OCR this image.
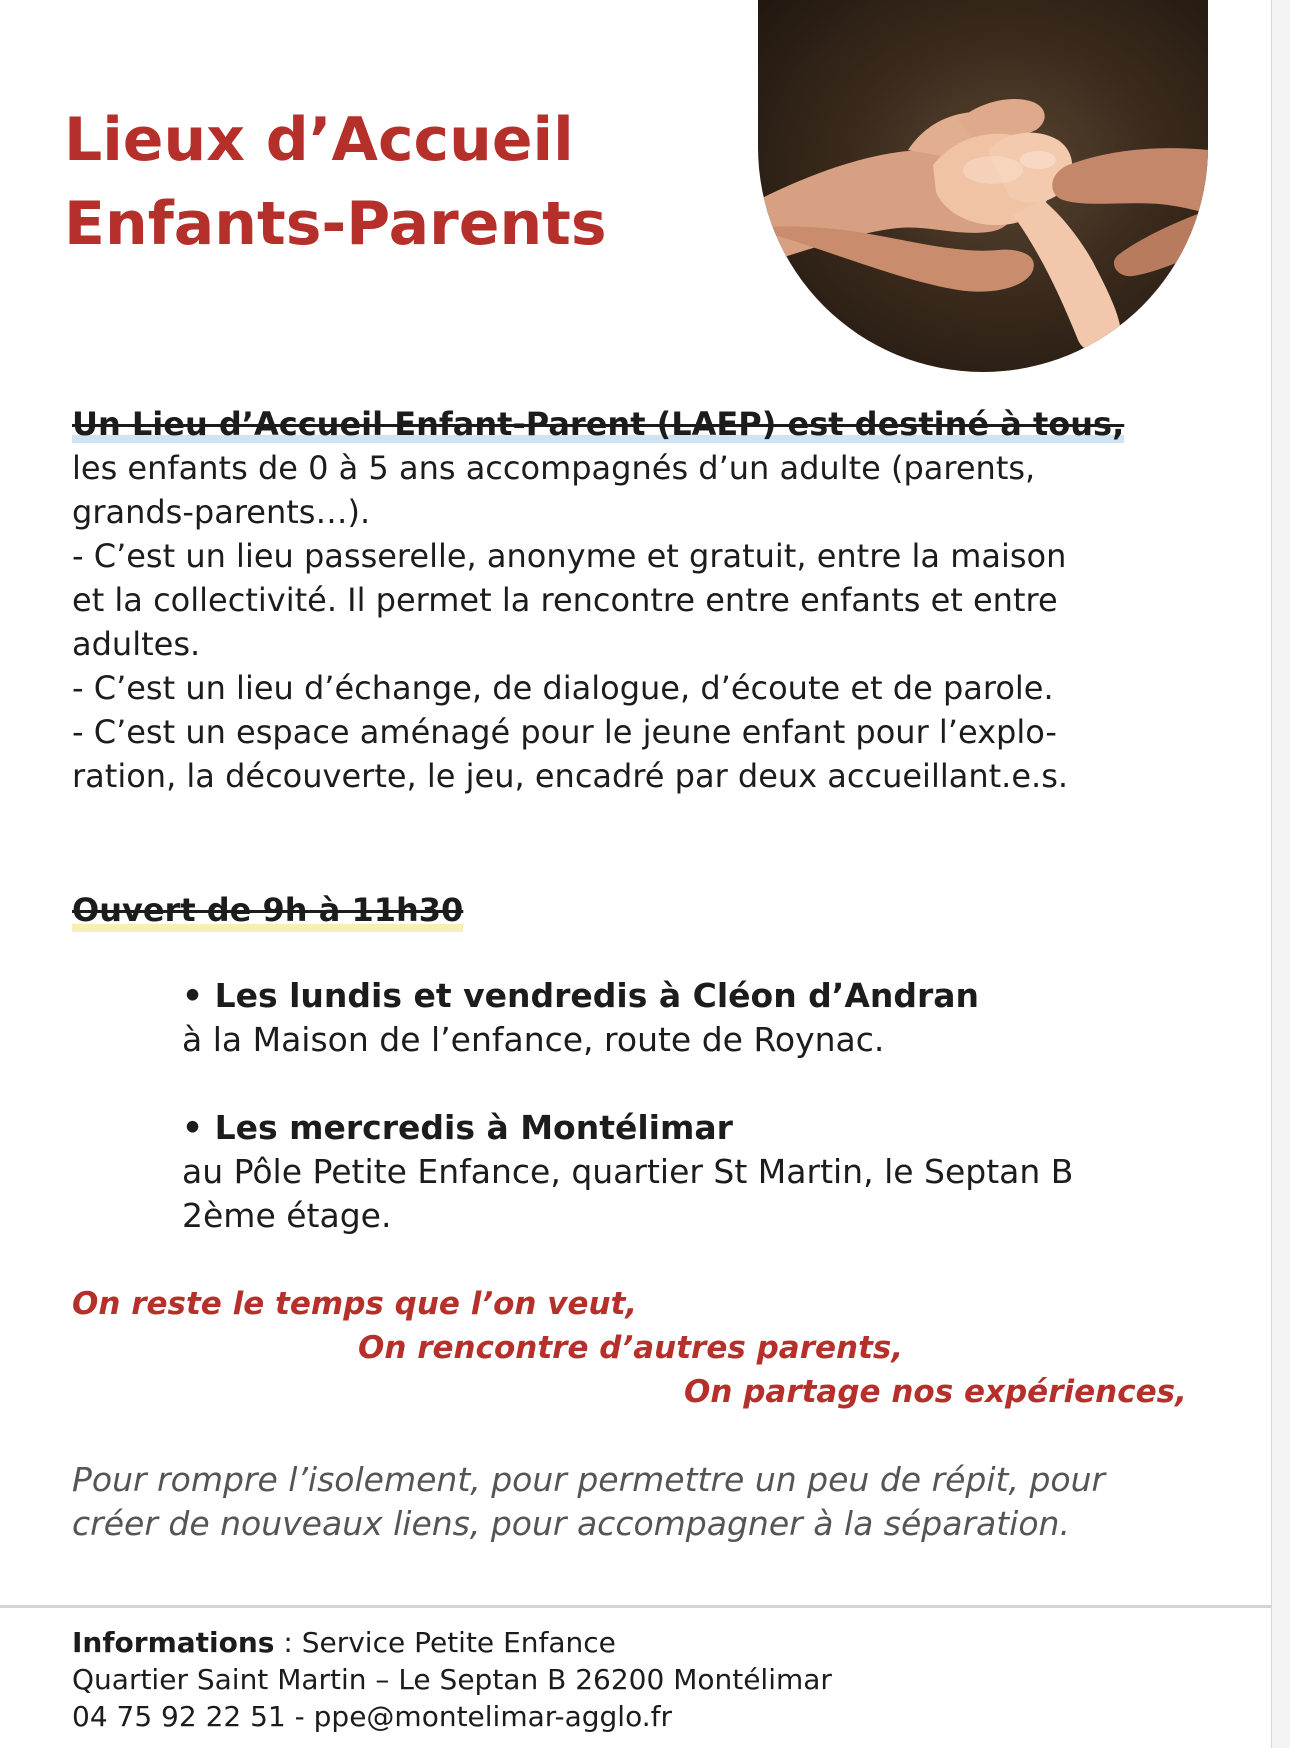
Lieux d’Accueil
Enfants-Parents

Un Lieu d’Accueil Enfant-Parent (LAEP) est destiné à tous,

les enfants de 0 à 5 ans accompagnés d’un adulte (parents,

grands-parents…).

- C’est un lieu passerelle, anonyme et gratuit, entre la maison

et la collectivité. Il permet la rencontre entre enfants et entre

adultes.

- C’est un lieu d’échange, de dialogue, d’écoute et de parole.

- C’est un espace aménagé pour le jeune enfant pour l’explo-

ration, la découverte, le jeu, encadré par deux accueillant.e.s.

Ouvert de 9h à 11h30

• Les lundis et vendredis à Cléon d’Andran

à la Maison de l’enfance, route de Roynac.

• Les mercredis à Montélimar

au Pôle Petite Enfance, quartier St Martin, le Septan B

2ème étage.

On reste le temps que l’on veut,
On rencontre d’autres parents,
On partage nos expériences,

Pour rompre l’isolement, pour permettre un peu de répit, pour

créer de nouveaux liens, pour accompagner à la séparation.

Informations : Service Petite Enfance

Quartier Saint Martin – Le Septan B 26200 Montélimar

04 75 92 22 51 - ppe@montelimar-agglo.fr
